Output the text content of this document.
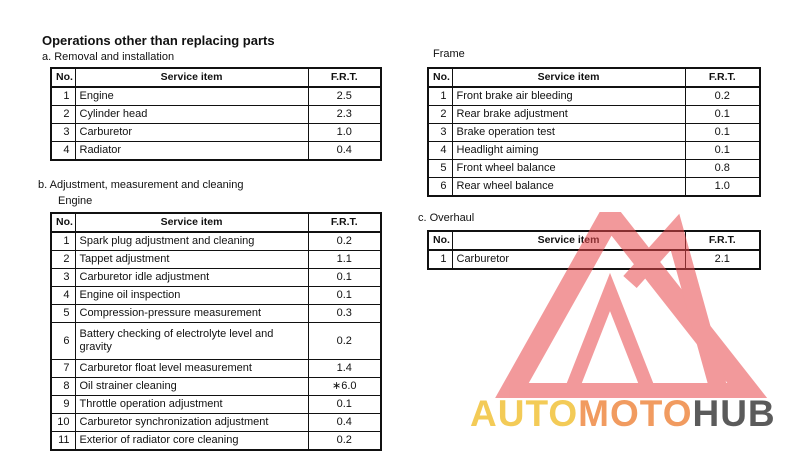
Operations other than replacing parts
a. Removal and installation
b. Adjustment, measurement and cleaning
Engine
Frame
c. Overhaul
No.	Service item	F.R.T.
1	Engine	2.5
2	Cylinder head	2.3
3	Carburetor	1.0
4	Radiator	0.4
No.	Service item	F.R.T.
1	Spark plug adjustment and cleaning	0.2
2	Tappet adjustment	1.1
3	Carburetor idle adjustment	0.1
4	Engine oil inspection	0.1
5	Compression-pressure measurement	0.3
6	Battery checking of electrolyte level and gravity	0.2
7	Carburetor float level measurement	1.4
8	Oil strainer cleaning	∗6.0
9	Throttle operation adjustment	0.1
10	Carburetor synchronization adjustment	0.4
11	Exterior of radiator core cleaning	0.2
No.	Service item	F.R.T.
1	Front brake air bleeding	0.2
2	Rear brake adjustment	0.1
3	Brake operation test	0.1
4	Headlight aiming	0.1
5	Front wheel balance	0.8
6	Rear wheel balance	1.0
No.	Service item	F.R.T.
1	Carburetor	2.1
AUTOMOTOHUB
